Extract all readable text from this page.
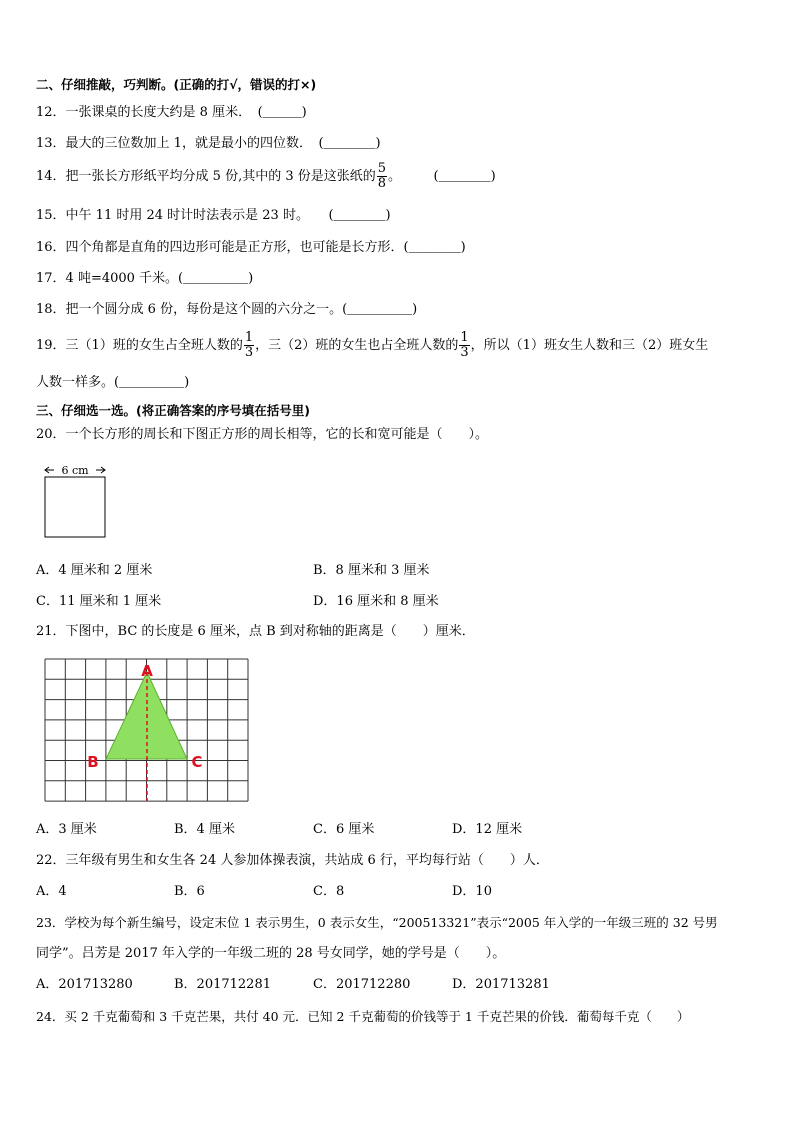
二、仔细推敲，巧判断。(正确的打√，错误的打×)
12．一张课桌的长度大约是 8 厘米．　(＿＿＿)
13．最大的三位数加上 1，就是最小的四位数．　(＿＿＿＿)
14．把一张长方形纸平均分成 5 份,其中的 3 份是这张纸的 $\frac{5}{8}$ 。　　　(＿＿＿＿)
15．中午 11 时用 24 时计时法表示是 23 时。　　(＿＿＿＿)
16．四个角都是直角的四边形可能是正方形，也可能是长方形．(＿＿＿＿)
17．4 吨=4000 千米。(＿＿＿＿＿)
18．把一个圆分成 6 份，每份是这个圆的六分之一。(＿＿＿＿＿)
19．三（1）班的女生占全班人数的 $\frac{1}{3}$ ，三（2）班的女生也占全班人数的 $\frac{1}{3}$ ，所以（1）班女生人数和三（2）班女生
人数一样多。(＿＿＿＿＿)
三、仔细选一选。(将正确答案的序号填在括号里)
20．一个长方形的周长和下图正方形的周长相等，它的长和宽可能是（　　）。
6 cm
A．4 厘米和 2 厘米	B．8 厘米和 3 厘米
C．11 厘米和 1 厘米	D．16 厘米和 8 厘米
21．下图中，BC 的长度是 6 厘米，点 B 到对称轴的距离是（　　）厘米．
A
B	C
A．3 厘米	B．4 厘米	C．6 厘米	D．12 厘米
22．三年级有男生和女生各 24 人参加体操表演，共站成 6 行，平均每行站（　　）人．
A．4	B．6	C．8	D．10
23．学校为每个新生编号，设定末位 1 表示男生，0 表示女生，“200513321”表示“2005 年入学的一年级三班的 32 号男
同学”。吕芳是 2017 年入学的一年级二班的 28 号女同学，她的学号是（　　）。
A．201713280	B．201712281	C．201712280	D．201713281
24．买 2 千克葡萄和 3 千克芒果，共付 40 元．已知 2 千克葡萄的价钱等于 1 千克芒果的价钱．葡萄每千克（　　）
